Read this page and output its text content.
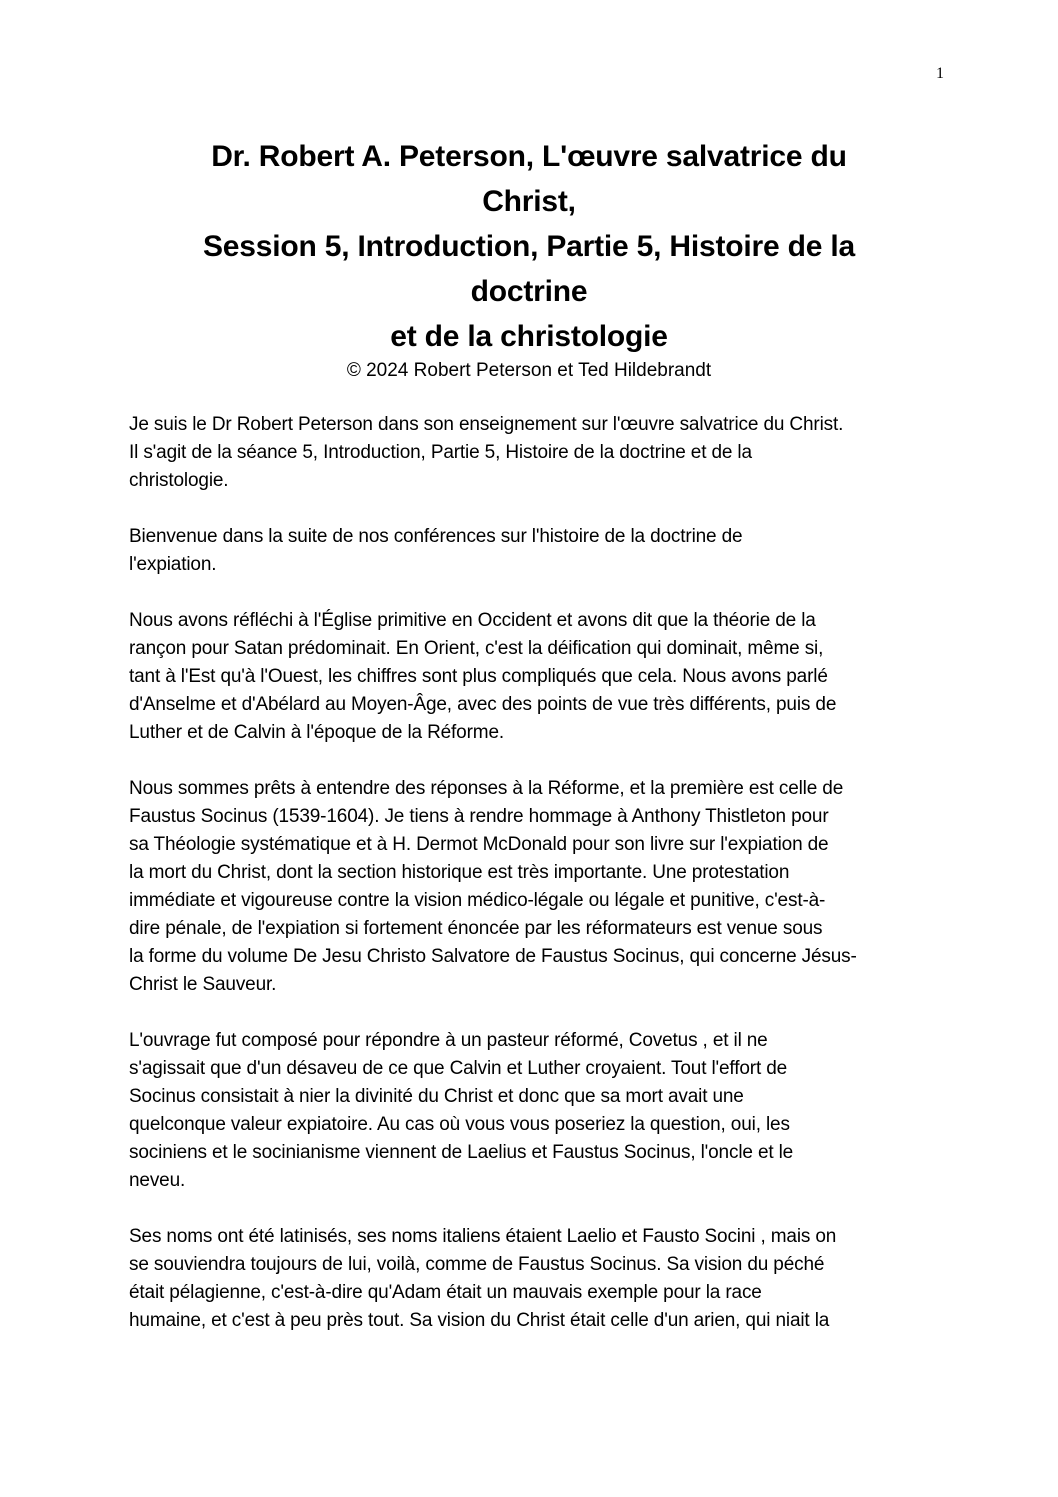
1
Dr. Robert A. Peterson, L'œuvre salvatrice du
Christ,
Session 5, Introduction, Partie 5, Histoire de la
doctrine
et de la christologie
© 2024 Robert Peterson et Ted Hildebrandt

Je suis le Dr Robert Peterson dans son enseignement sur l'œuvre salvatrice du Christ.
Il s'agit de la séance 5, Introduction, Partie 5, Histoire de la doctrine et de la
christologie.

Bienvenue dans la suite de nos conférences sur l'histoire de la doctrine de
l'expiation.

Nous avons réfléchi à l'Église primitive en Occident et avons dit que la théorie de la
rançon pour Satan prédominait. En Orient, c'est la déification qui dominait, même si,
tant à l'Est qu'à l'Ouest, les chiffres sont plus compliqués que cela. Nous avons parlé
d'Anselme et d'Abélard au Moyen-Âge, avec des points de vue très différents, puis de
Luther et de Calvin à l'époque de la Réforme.

Nous sommes prêts à entendre des réponses à la Réforme, et la première est celle de
Faustus Socinus (1539-1604). Je tiens à rendre hommage à Anthony Thistleton pour
sa Théologie systématique et à H. Dermot McDonald pour son livre sur l'expiation de
la mort du Christ, dont la section historique est très importante. Une protestation
immédiate et vigoureuse contre la vision médico-légale ou légale et punitive, c'est-à-
dire pénale, de l'expiation si fortement énoncée par les réformateurs est venue sous
la forme du volume De Jesu Christo Salvatore de Faustus Socinus, qui concerne Jésus-
Christ le Sauveur.

L'ouvrage fut composé pour répondre à un pasteur réformé, Covetus , et il ne
s'agissait que d'un désaveu de ce que Calvin et Luther croyaient. Tout l'effort de
Socinus consistait à nier la divinité du Christ et donc que sa mort avait une
quelconque valeur expiatoire. Au cas où vous vous poseriez la question, oui, les
sociniens et le socinianisme viennent de Laelius et Faustus Socinus, l'oncle et le
neveu.

Ses noms ont été latinisés, ses noms italiens étaient Laelio et Fausto Socini , mais on
se souviendra toujours de lui, voilà, comme de Faustus Socinus. Sa vision du péché
était pélagienne, c'est-à-dire qu'Adam était un mauvais exemple pour la race
humaine, et c'est à peu près tout. Sa vision du Christ était celle d'un arien, qui niait la
